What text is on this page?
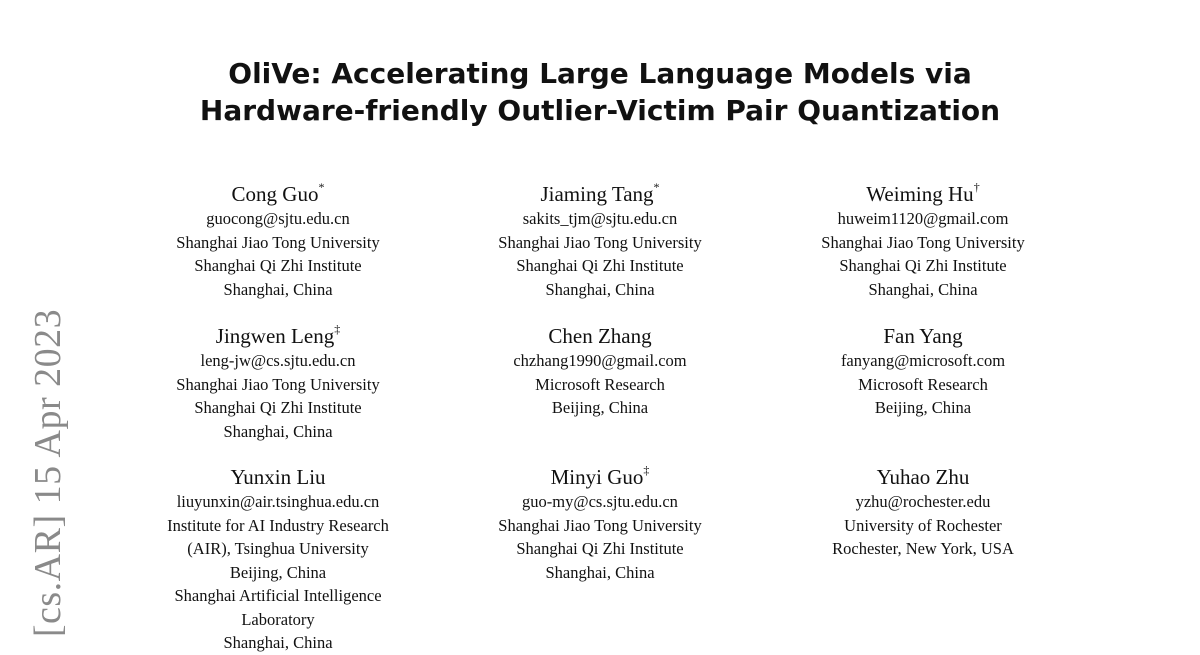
[cs.AR] 15 Apr 2023
OliVe: Accelerating Large Language Models via
Hardware-friendly Outlier-Victim Pair Quantization
Cong Guo*
guocong@sjtu.edu.cn
Shanghai Jiao Tong University
Shanghai Qi Zhi Institute
Shanghai, China
Jiaming Tang*
sakits_tjm@sjtu.edu.cn
Shanghai Jiao Tong University
Shanghai Qi Zhi Institute
Shanghai, China
Weiming Hu†
huweim1120@gmail.com
Shanghai Jiao Tong University
Shanghai Qi Zhi Institute
Shanghai, China
Jingwen Leng‡
leng-jw@cs.sjtu.edu.cn
Shanghai Jiao Tong University
Shanghai Qi Zhi Institute
Shanghai, China
Chen Zhang
chzhang1990@gmail.com
Microsoft Research
Beijing, China
Fan Yang
fanyang@microsoft.com
Microsoft Research
Beijing, China
Yunxin Liu
liuyunxin@air.tsinghua.edu.cn
Institute for AI Industry Research
(AIR), Tsinghua University
Beijing, China
Shanghai Artificial Intelligence
Laboratory
Shanghai, China
Minyi Guo‡
guo-my@cs.sjtu.edu.cn
Shanghai Jiao Tong University
Shanghai Qi Zhi Institute
Shanghai, China
Yuhao Zhu
yzhu@rochester.edu
University of Rochester
Rochester, New York, USA
